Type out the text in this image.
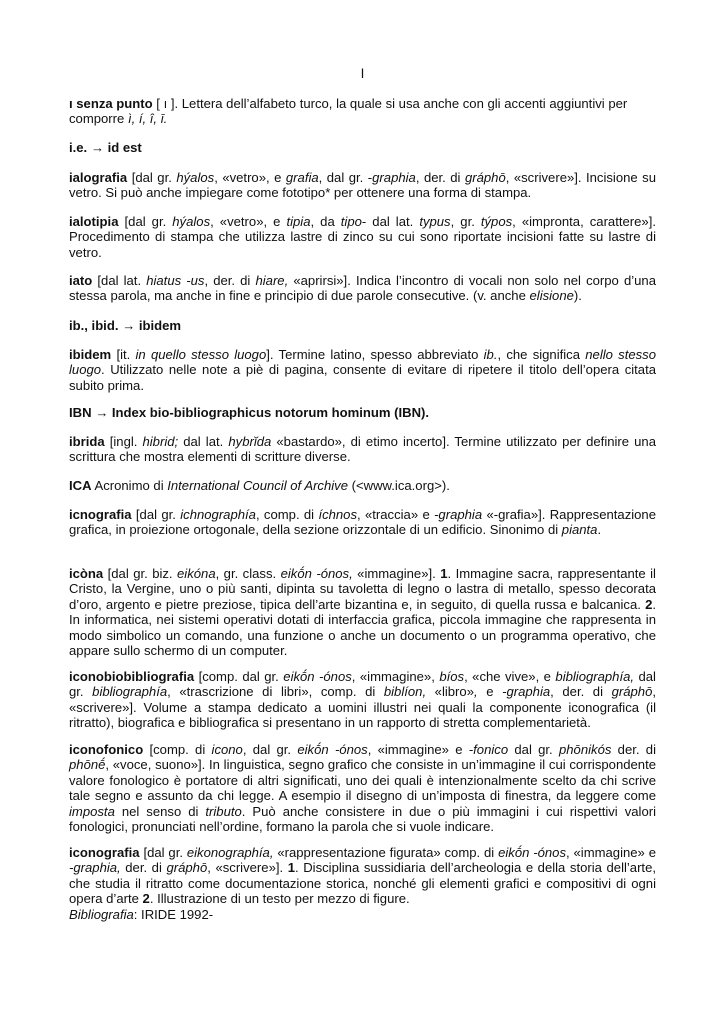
I

ı senza punto [ ı ]. Lettera dell’alfabeto turco, la quale si usa anche con gli accenti aggiuntivi per comporre ì, í, î, ī.

i.e. → id est

ialografia [dal gr. hýalos, «vetro», e grafia, dal gr. -graphia, der. di gráphō, «scrivere»]. Incisione su vetro. Si può anche impiegare come fototipo* per ottenere una forma di stampa.

ialotipia [dal gr. hýalos, «vetro», e tipia, da tipo- dal lat. typus, gr. týpos, «impronta, carattere»]. Procedimento di stampa che utilizza lastre di zinco su cui sono riportate incisioni fatte su lastre di vetro.

iato [dal lat. hiatus -us, der. di hiare, «aprirsi»]. Indica l’incontro di vocali non solo nel corpo d’una stessa parola, ma anche in fine e principio di due parole consecutive. (v. anche elisione).

ib., ibid. → ibidem

ibidem [it. in quello stesso luogo]. Termine latino, spesso abbreviato ib., che significa nello stesso luogo. Utilizzato nelle note a piè di pagina, consente di evitare di ripetere il titolo dell’opera citata subito prima.

IBN → Index bio-bibliographicus notorum hominum (IBN).

ibrida [ingl. hibrid; dal lat. hybrĭda «bastardo», di etimo incerto]. Termine utilizzato per definire una scrittura che mostra elementi di scritture diverse.

ICA Acronimo di International Council of Archive (<www.ica.org>).

icnografia [dal gr. ichnographía, comp. di íchnos, «traccia» e -graphia «-grafia»]. Rappresentazione grafica, in proiezione ortogonale, della sezione orizzontale di un edificio. Sinonimo di pianta.

icòna [dal gr. biz. eikóna, gr. class. eikṓn -ónos, «immagine»]. 1. Immagine sacra, rappresentante il Cristo, la Vergine, uno o più santi, dipinta su tavoletta di legno o lastra di metallo, spesso decorata d’oro, argento e pietre preziose, tipica dell’arte bizantina e, in seguito, di quella russa e balcanica. 2. In informatica, nei sistemi operativi dotati di interfaccia grafica, piccola immagine che rappresenta in modo simbolico un comando, una funzione o anche un documento o un programma operativo, che appare sullo schermo di un computer.

iconobiobibliografia [comp. dal gr. eikṓn -ónos, «immagine», bíos, «che vive», e bibliographía, dal gr. bibliographía, «trascrizione di libri», comp. di biblíon, «libro», e -graphia, der. di gráphō, «scrivere»]. Volume a stampa dedicato a uomini illustri nei quali la componente iconografica (il ritratto), biografica e bibliografica si presentano in un rapporto di stretta complementarietà.

iconofonico [comp. di icono, dal gr. eikṓn -ónos, «immagine» e -fonico dal gr. phōnikós der. di phōnḗ, «voce, suono»]. In linguistica, segno grafico che consiste in un’immagine il cui corrispondente valore fonologico è portatore di altri significati, uno dei quali è intenzionalmente scelto da chi scrive tale segno e assunto da chi legge. A esempio il disegno di un’imposta di finestra, da leggere come imposta nel senso di tributo. Può anche consistere in due o più immagini i cui rispettivi valori fonologici, pronunciati nell’ordine, formano la parola che si vuole indicare.

iconografia [dal gr. eikonographía, «rappresentazione figurata» comp. di eikṓn -ónos, «immagine» e -graphia, der. di gráphō, «scrivere»]. 1. Disciplina sussidiaria dell’archeologia e della storia dell’arte, che studia il ritratto come documentazione storica, nonché gli elementi grafici e compositivi di ogni opera d’arte 2. Illustrazione di un testo per mezzo di figure.
Bibliografia: IRIDE 1992-
